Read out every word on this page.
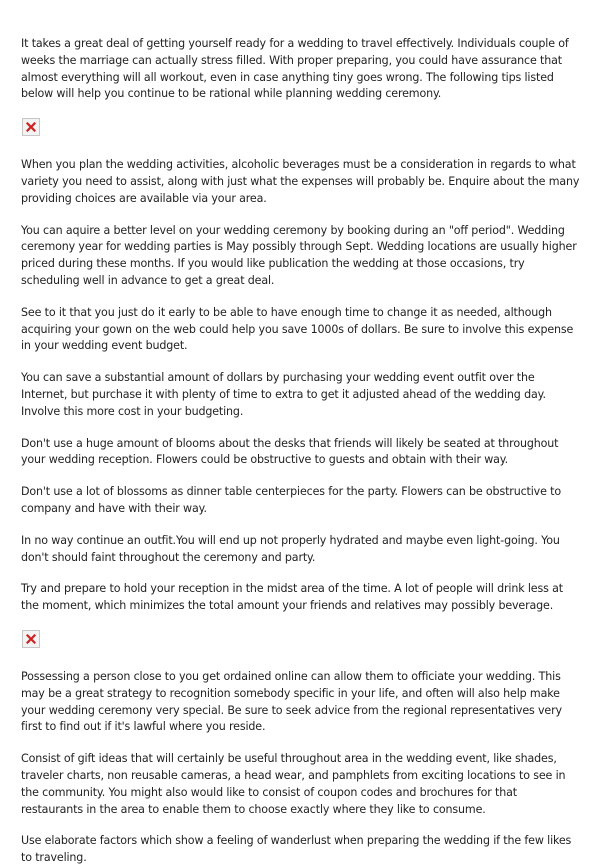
It takes a great deal of getting yourself ready for a wedding to travel effectively. Individuals couple of weeks the marriage can actually stress filled. With proper preparing, you could have assurance that almost everything will all workout, even in case anything tiny goes wrong. The following tips listed below will help you continue to be rational while planning wedding ceremony.

When you plan the wedding activities, alcoholic beverages must be a consideration in regards to what variety you need to assist, along with just what the expenses will probably be. Enquire about the many providing choices are available via your area.

You can aquire a better level on your wedding ceremony by booking during an "off period". Wedding ceremony year for wedding parties is May possibly through Sept. Wedding locations are usually higher priced during these months. If you would like publication the wedding at those occasions, try scheduling well in advance to get a great deal.

See to it that you just do it early to be able to have enough time to change it as needed, although acquiring your gown on the web could help you save 1000s of dollars. Be sure to involve this expense in your wedding event budget.

You can save a substantial amount of dollars by purchasing your wedding event outfit over the Internet, but purchase it with plenty of time to extra to get it adjusted ahead of the wedding day. Involve this more cost in your budgeting.

Don't use a huge amount of blooms about the desks that friends will likely be seated at throughout your wedding reception. Flowers could be obstructive to guests and obtain with their way.

Don't use a lot of blossoms as dinner table centerpieces for the party. Flowers can be obstructive to company and have with their way.

In no way continue an outfit.You will end up not properly hydrated and maybe even light-going. You don't should faint throughout the ceremony and party.

Try and prepare to hold your reception in the midst area of the time. A lot of people will drink less at the moment, which minimizes the total amount your friends and relatives may possibly beverage.

Possessing a person close to you get ordained online can allow them to officiate your wedding. This may be a great strategy to recognition somebody specific in your life, and often will also help make your wedding ceremony very special. Be sure to seek advice from the regional representatives very first to find out if it's lawful where you reside.

Consist of gift ideas that will certainly be useful throughout area in the wedding event, like shades, traveler charts, non reusable cameras, a head wear, and pamphlets from exciting locations to see in the community. You might also would like to consist of coupon codes and brochures for that restaurants in the area to enable them to choose exactly where they like to consume.

Use elaborate factors which show a feeling of wanderlust when preparing the wedding if the few likes to traveling.
